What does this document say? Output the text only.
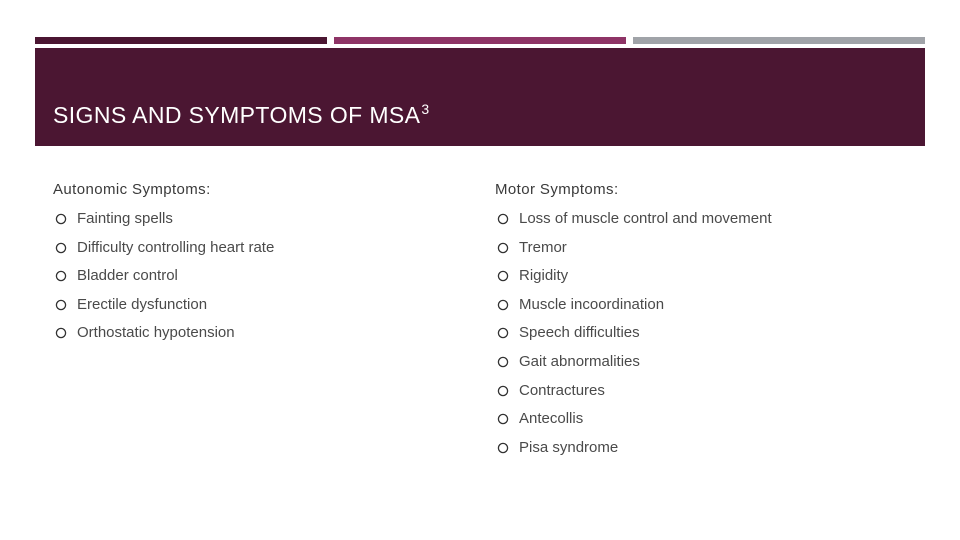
SIGNS AND SYMPTOMS OF MSA$^3$
Autonomic Symptoms:
Fainting spells
Difficulty controlling heart rate
Bladder control
Erectile dysfunction
Orthostatic hypotension
Motor Symptoms:
Loss of muscle control and movement
Tremor
Rigidity
Muscle incoordination
Speech difficulties
Gait abnormalities
Contractures
Antecollis
Pisa syndrome
